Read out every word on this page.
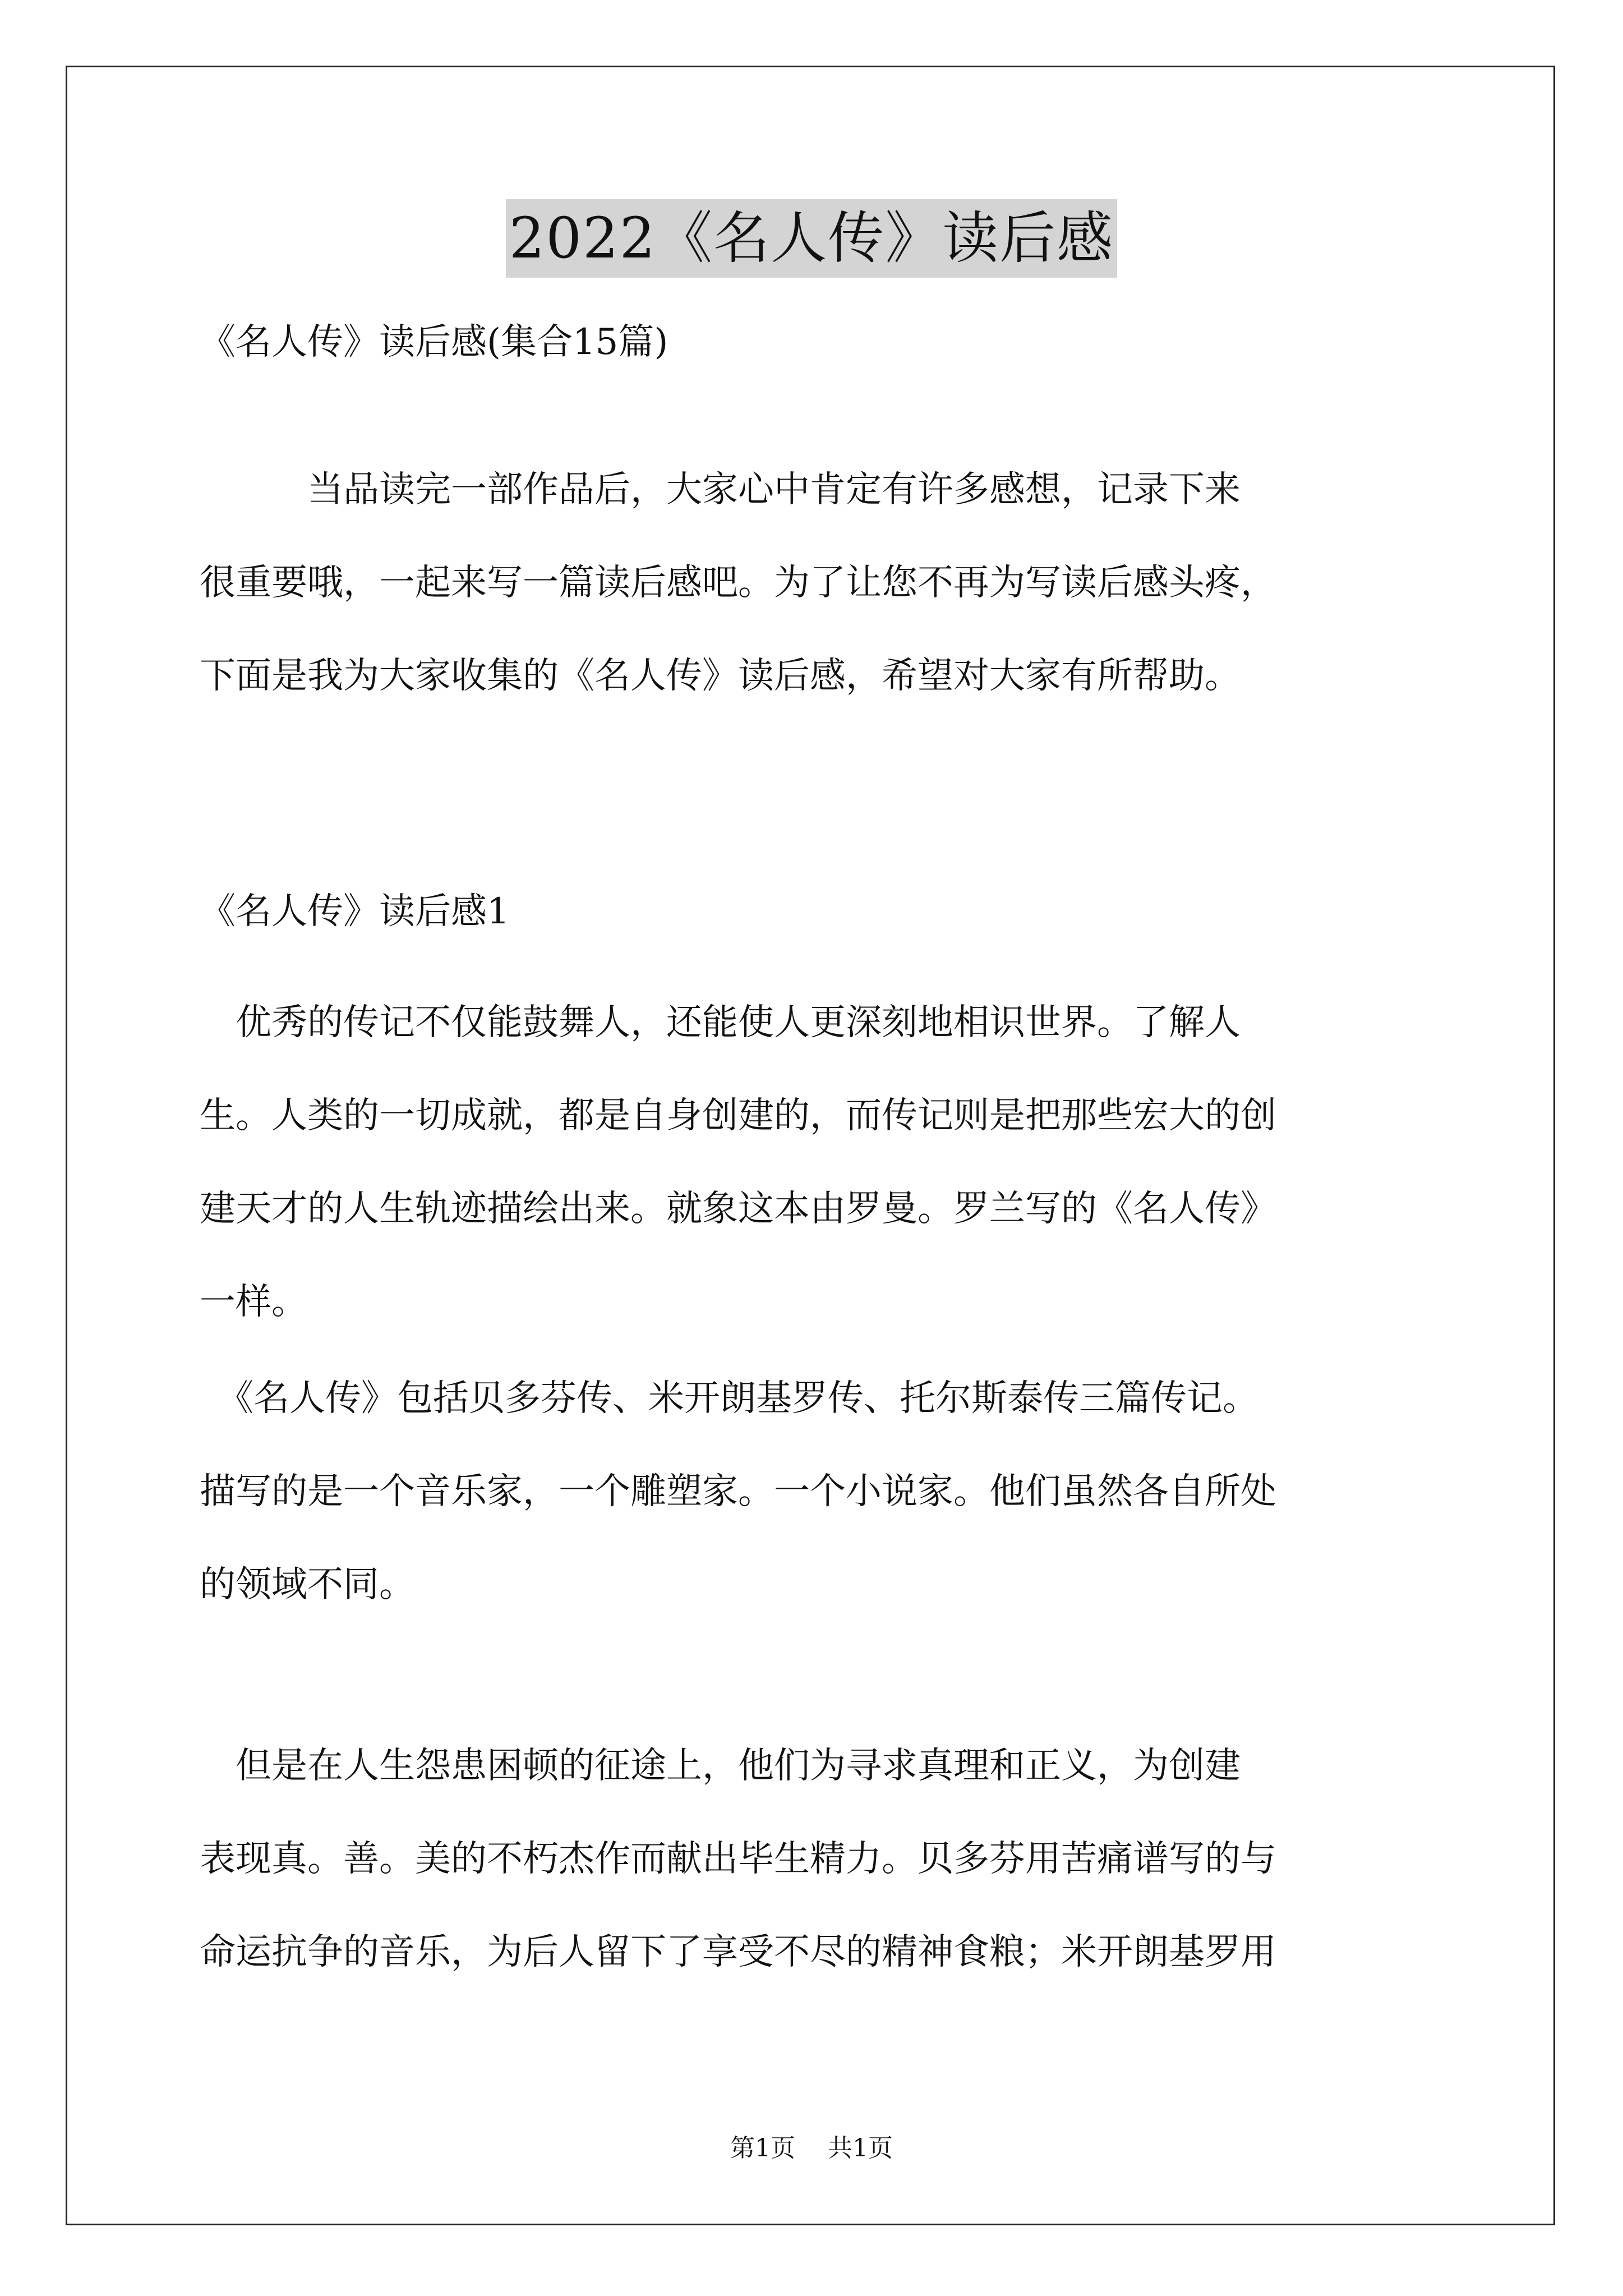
2022《名人传》读后感
《名人传》读后感(集合15篇)
　　　当品读完一部作品后，大家心中肯定有许多感想，记录下来
很重要哦，一起来写一篇读后感吧。为了让您不再为写读后感头疼，
下面是我为大家收集的《名人传》读后感，希望对大家有所帮助。
《名人传》读后感1
　优秀的传记不仅能鼓舞人，还能使人更深刻地相识世界。了解人
生。人类的一切成就，都是自身创建的，而传记则是把那些宏大的创
建天才的人生轨迹描绘出来。就象这本由罗曼。罗兰写的《名人传》
一样。
　《名人传》包括贝多芬传、米开朗基罗传、托尔斯泰传三篇传记。
描写的是一个音乐家，一个雕塑家。一个小说家。他们虽然各自所处
的领域不同。
　但是在人生怨患困顿的征途上，他们为寻求真理和正义，为创建
表现真。善。美的不朽杰作而献出毕生精力。贝多芬用苦痛谱写的与
命运抗争的音乐，为后人留下了享受不尽的精神食粮；米开朗基罗用
第1页　 共1页
